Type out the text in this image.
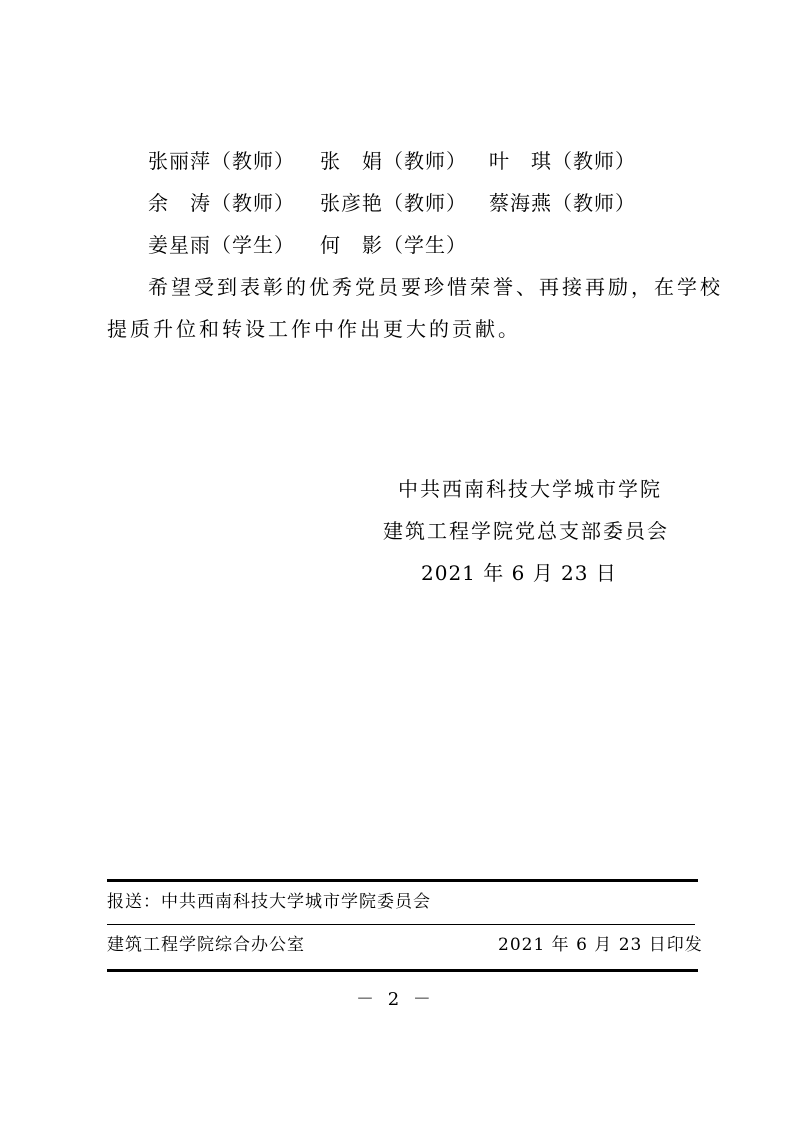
张丽萍（教师） 张　娟（教师） 叶　琪（教师）
余　涛（教师） 张彦艳（教师） 蔡海燕（教师）
姜星雨（学生） 何　影（学生）
希望受到表彰的优秀党员要珍惜荣誉、再接再励，在学校
提质升位和转设工作中作出更大的贡献。
中共西南科技大学城市学院
建筑工程学院党总支部委员会
2021 年 6 月 23 日
报送：中共西南科技大学城市学院委员会
建筑工程学院综合办公室	2021 年 6 月 23 日印发
－ 2 －
